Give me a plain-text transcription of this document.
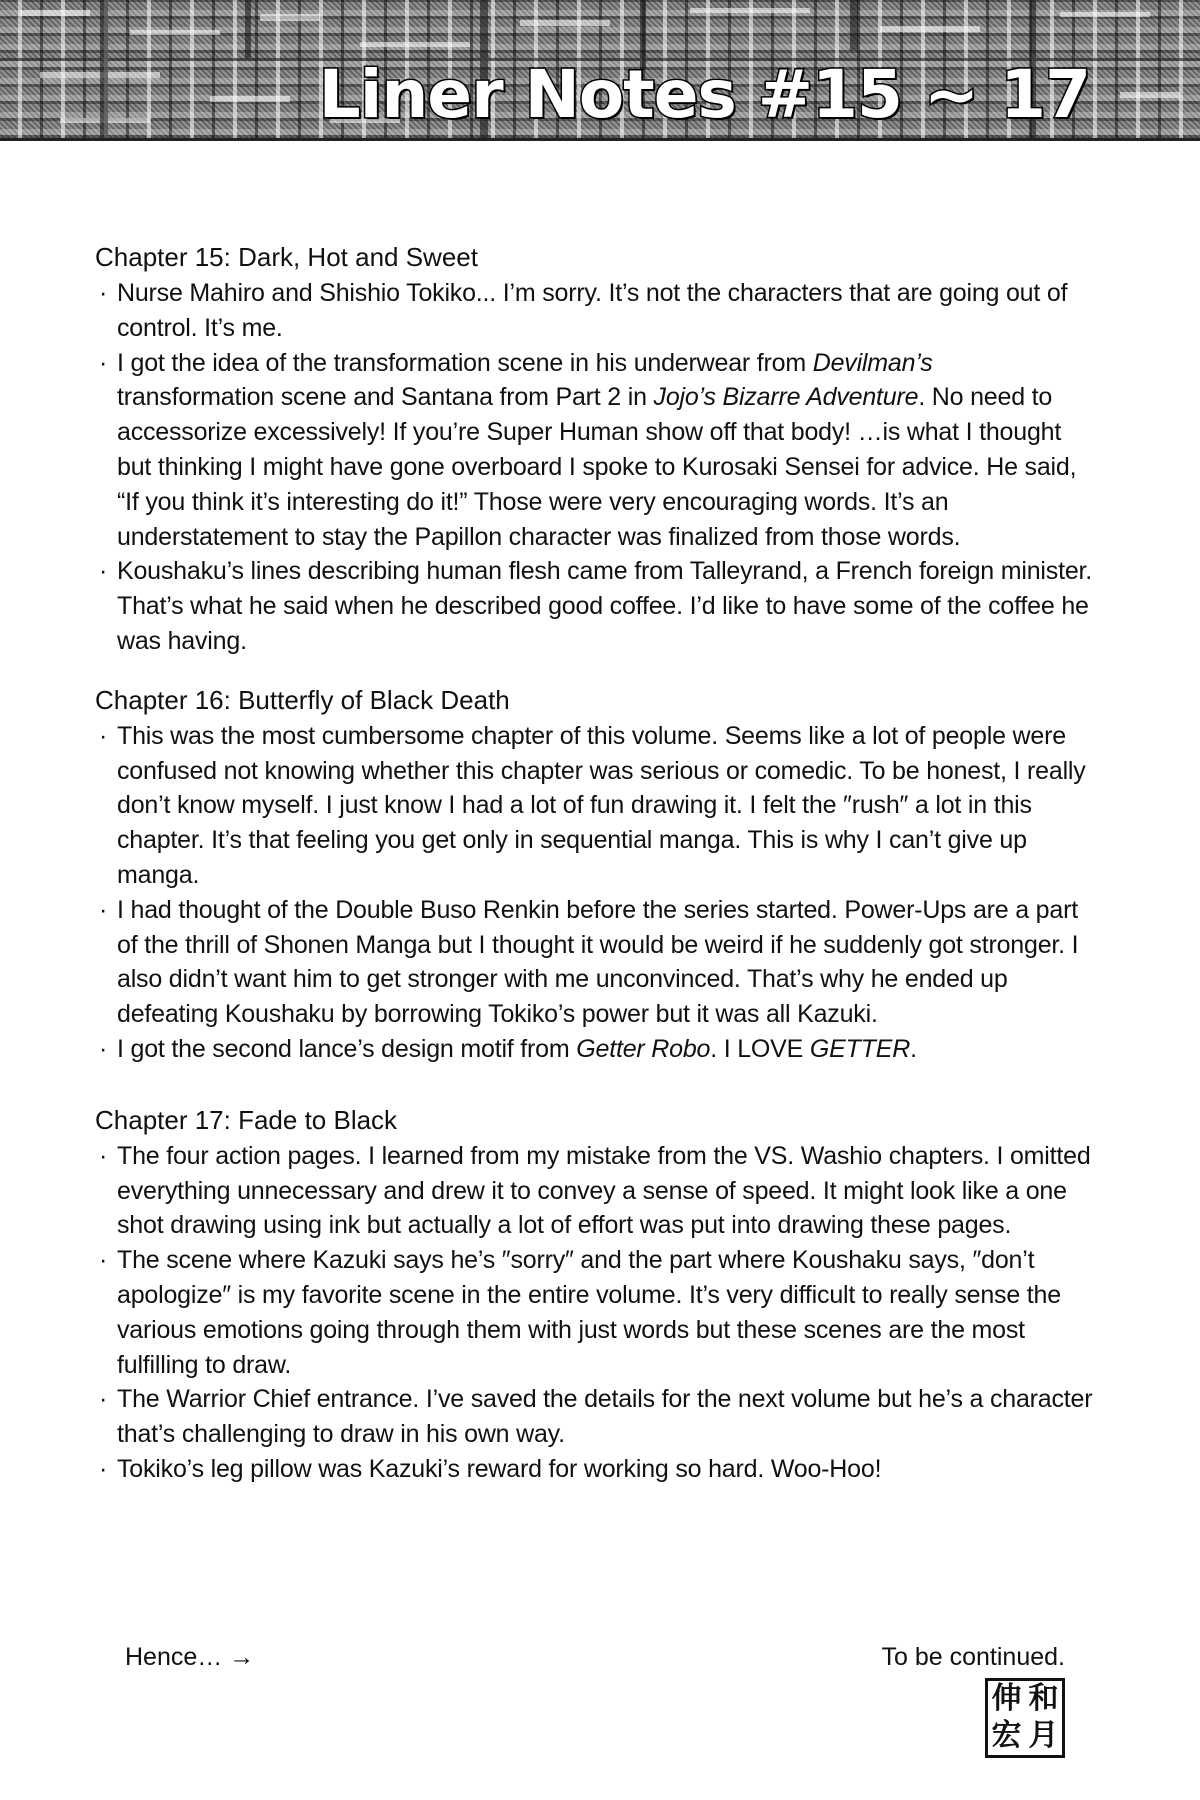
Liner Notes #15 ~ 17
Chapter 15: Dark, Hot and Sweet
· Nurse Mahiro and Shishio Tokiko... I’m sorry. It’s not the characters that are going out of control. It’s me.
· I got the idea of the transformation scene in his underwear from Devilman’s transformation scene and Santana from Part 2 in Jojo’s Bizarre Adventure. No need to accessorize excessively! If you’re Super Human show off that body! …is what I thought but thinking I might have gone overboard I spoke to Kurosaki Sensei for advice. He said, “If you think it’s interesting do it!” Those were very encouraging words. It’s an understatement to stay the Papillon character was finalized from those words.
· Koushaku’s lines describing human flesh came from Talleyrand, a French foreign minister. That’s what he said when he described good coffee. I’d like to have some of the coffee he was having.
Chapter 16: Butterfly of Black Death
· This was the most cumbersome chapter of this volume. Seems like a lot of people were confused not knowing whether this chapter was serious or comedic. To be honest, I really don’t know myself. I just know I had a lot of fun drawing it. I felt the ″rush″ a lot in this chapter. It’s that feeling you get only in sequential manga. This is why I can’t give up manga.
· I had thought of the Double Buso Renkin before the series started. Power-Ups are a part of the thrill of Shonen Manga but I thought it would be weird if he suddenly got stronger. I also didn’t want him to get stronger with me unconvinced. That’s why he ended up defeating Koushaku by borrowing Tokiko’s power but it was all Kazuki.
· I got the second lance’s design motif from Getter Robo. I LOVE GETTER.
Chapter 17: Fade to Black
· The four action pages. I learned from my mistake from the VS. Washio chapters. I omitted everything unnecessary and drew it to convey a sense of speed. It might look like a one shot drawing using ink but actually a lot of effort was put into drawing these pages.
· The scene where Kazuki says he’s ″sorry″ and the part where Koushaku says, ″don’t apologize″ is my favorite scene in the entire volume. It’s very difficult to really sense the various emotions going through them with just words but these scenes are the most fulfilling to draw.
· The Warrior Chief entrance. I’ve saved the details for the next volume but he’s a character that’s challenging to draw in his own way.
· Tokiko’s leg pillow was Kazuki’s reward for working so hard. Woo-Hoo!
Hence… →	To be continued.
伸 和
宏 月
